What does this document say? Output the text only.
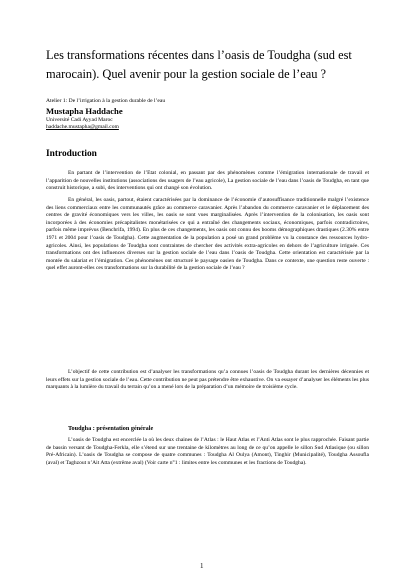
Les transformations récentes dans l’oasis de Toudgha (sud est marocain). Quel avenir pour la gestion sociale de l’eau ?
Atelier 1: De l’irrigation à la gestion durable de l’eau
Mustapha Haddache
Université Cadi Ayyad Maroc
haddache.mustapha@gmail.com
Introduction

En partant de l’intervention de l’Etat colonial, en passant par des phénomènes comme l’émigration internationale de travail et l’apparition de nouvelles institutions (associations des usagers de l’eau agricole), La gestion sociale de l’eau dans l’oasis de Toudgha, en tant que construit historique, a subi, des interventions qui ont changé son évolution.

En général, les oasis, partout, étaient caractérisées par la dominance de l’économie d’autosuffisance traditionnelle malgré l’existence des liens commerciaux entre les communautés grâce au commerce caravanier. Après l’abandon du commerce caravanier et le déplacement des centres de gravité économiques vers les villes, les oasis se sont vues marginalisées. Après l’intervention de la colonisation, les oasis sont incorporées à des économies précapitalistes monétarisées ce qui a entraîné des changements sociaux, économiques, parfois contradictoires, parfois même imprévus (Benchrifa, 1994). En plus de ces changements, les oasis ont connu des booms démographiques drastiques (2.30% entre 1971 et 2004 pour l’oasis de Toudgha). Cette augmentation de la population a posé un grand problème vu la constance des ressources hydro-agricoles. Ainsi, les populations de Toudgha sont contraintes de chercher des activités extra-agricoles en dehors de l’agriculture irriguée. Ces transformations ont des influences diverses sur la gestion sociale de l’eau dans l’oasis de Toudgha. Cette orientation est caractérisée par la montée du salariat et l’émigration. Ces phénomènes ont structuré le paysage oasien de Toudgha. Dans ce contexte, une question reste ouverte : quel effet auront-elles ces transformations sur la durabilité de la gestion sociale de l’eau ?

L’objectif de cette contribution est d’analyser les transformations qu’a connues l’oasis de Toudgha durant les dernières décennies et leurs effets sur la gestion sociale de l’eau. Cette contribution ne peut pas prétendre être exhaustive. On va essayer d’analyser les éléments les plus marquants à la lumière du travail du terrain qu’on a mené lors de la préparation d’un mémoire de troisième cycle.

Toudgha : présentation générale

L’oasis de Toudgha est encerclée la où les deux chaines de l’Atlas : le Haut Atlas et l’Anti Atlas sont le plus rapprochée. Faisant partie de bassin versant de Toudgha-Ferkla, elle s’étend sur une trentaine de kilomètres au long de ce qu’on appelle le sillon Sud Atlasique (ou sillon Pré-Africain). L’oasis de Toudgha se compose de quatre communes : Toudgha Al Oulya (Amont), Tinghir (Municipalité), Toudgha Assoufla (aval) et Taghzout n’Ait Atta (extrême aval) (Voir carte n°1 : limites entre les communes et les fractions de Toudgha).

1
